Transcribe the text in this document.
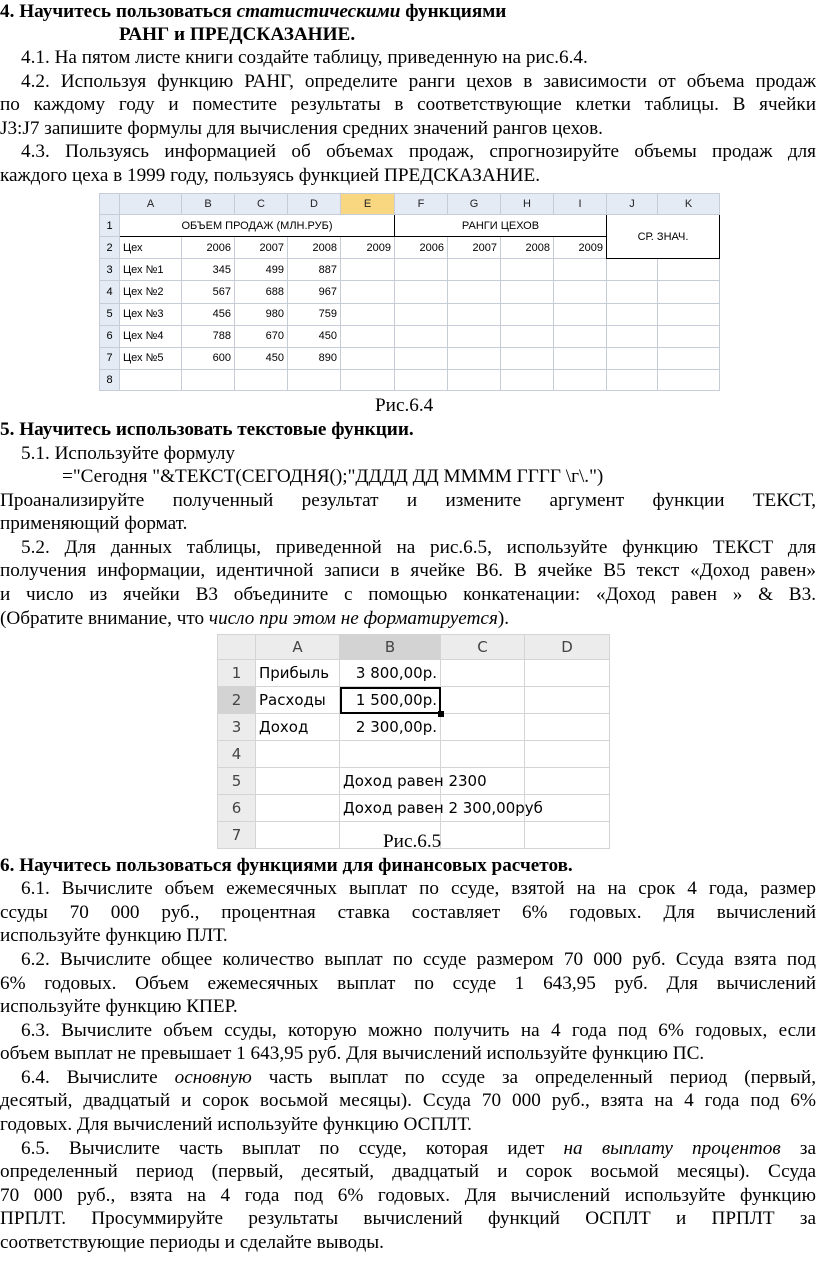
4. Научитесь пользоваться статистическими функциями
РАНГ и ПРЕДСКАЗАНИЕ.
4.1. На пятом листе книги создайте таблицу, приведенную на рис.6.4.
4.2. Используя функцию РАНГ, определите ранги цехов в зависимости от объема продаж
по каждому году и поместите результаты в соответствующие клетки таблицы. В ячейки
J3:J7 запишите формулы для вычисления средних значений рангов цехов.
4.3. Пользуясь информацией об объемах продаж, спрогнозируйте объемы продаж для
каждого цеха в 1999 году, пользуясь функцией ПРЕДСКАЗАНИЕ.
	A	B	C	D	E	F	G	H	I	J	K
1	ОБЪЕМ ПРОДАЖ (МЛН.РУБ)					РАНГИ ЦЕХОВ				СР. ЗНАЧ.	
2	Цех	2006	2007	2008	2009	2006	2007	2008	2009		
3	Цех №1	345	499	887							
4	Цех №2	567	688	967							
5	Цех №3	456	980	759							
6	Цех №4	788	670	450							
7	Цех №5	600	450	890							
8											
Рис.6.4
5. Научитесь использовать текстовые функции.
5.1. Используйте формулу
="Сегодня "&ТЕКСТ(СЕГОДНЯ();"ДДДД ДД ММММ ГГГГ \г\.")
Проанализируйте полученный результат и измените аргумент функции ТЕКСТ,
применяющий формат.
5.2. Для данных таблицы, приведенной на рис.6.5, используйте функцию ТЕКСТ для
получения информации, идентичной записи в ячейке В6. В ячейке В5 текст «Доход равен»
и число из ячейки В3 объедините с помощью конкатенации: «Доход равен » & B3.
(Обратите внимание, что число при этом не форматируется).
	A	B	C	D
1	Прибыль	3 800,00р.		
2	Расходы	1 500,00р.

3	Доход	2 300,00р.		
4				
5		Доход равен 2300		
6		Доход равен 2 300,00руб		
7					Рис.6.5
6. Научитесь пользоваться функциями для финансовых расчетов.
6.1. Вычислите объем ежемесячных выплат по ссуде, взятой на на срок 4 года, размер
ссуды 70 000 руб., процентная ставка составляет 6% годовых. Для вычислений
используйте функцию ПЛТ.
6.2. Вычислите общее количество выплат по ссуде размером 70 000 руб. Ссуда взята под
6% годовых. Объем ежемесячных выплат по ссуде 1 643,95 руб. Для вычислений
используйте функцию КПЕР.
6.3. Вычислите объем ссуды, которую можно получить на 4 года под 6% годовых, если
объем выплат не превышает 1 643,95 руб. Для вычислений используйте функцию ПС.
6.4. Вычислите основную часть выплат по ссуде за определенный период (первый,
десятый, двадцатый и сорок восьмой месяцы). Ссуда 70 000 руб., взята на 4 года под 6%
годовых. Для вычислений используйте функцию ОСПЛТ.
6.5. Вычислите часть выплат по ссуде, которая идет на выплату процентов за
определенный период (первый, десятый, двадцатый и сорок восьмой месяцы). Ссуда
70 000 руб., взята на 4 года под 6% годовых. Для вычислений используйте функцию
ПРПЛТ. Просуммируйте результаты вычислений функций ОСПЛТ и ПРПЛТ за
соответствующие периоды и сделайте выводы.
